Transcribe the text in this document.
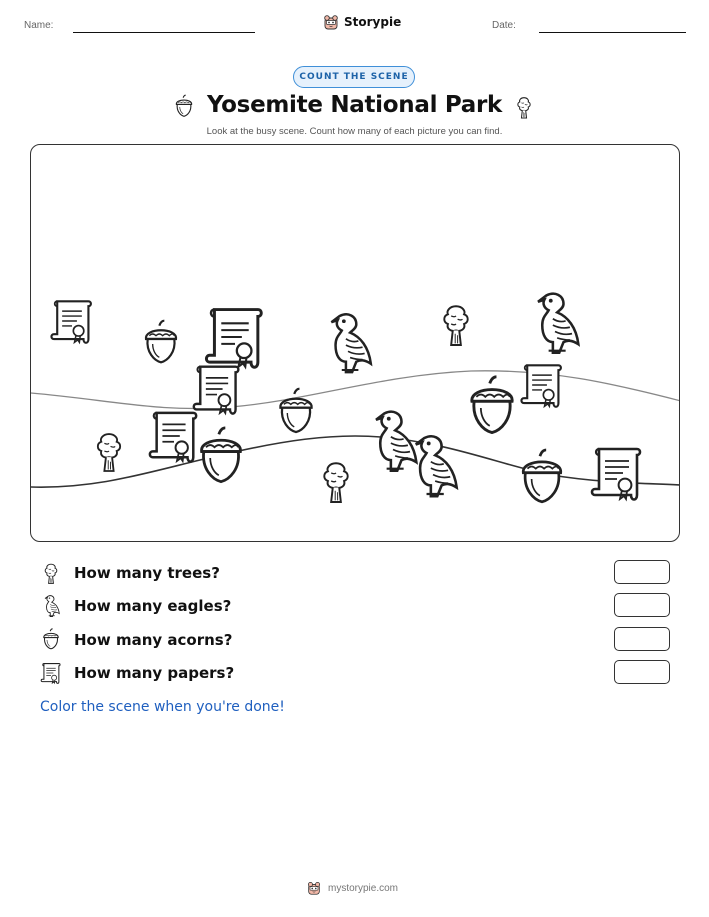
Name:	Storypie	Date:
COUNT THE SCENE
Yosemite National Park

Look at the busy scene. Count how many of each picture you can find.

How many trees?
How many eagles?
How many acorns?
How many papers?

Color the scene when you're done!

mystorypie.com
